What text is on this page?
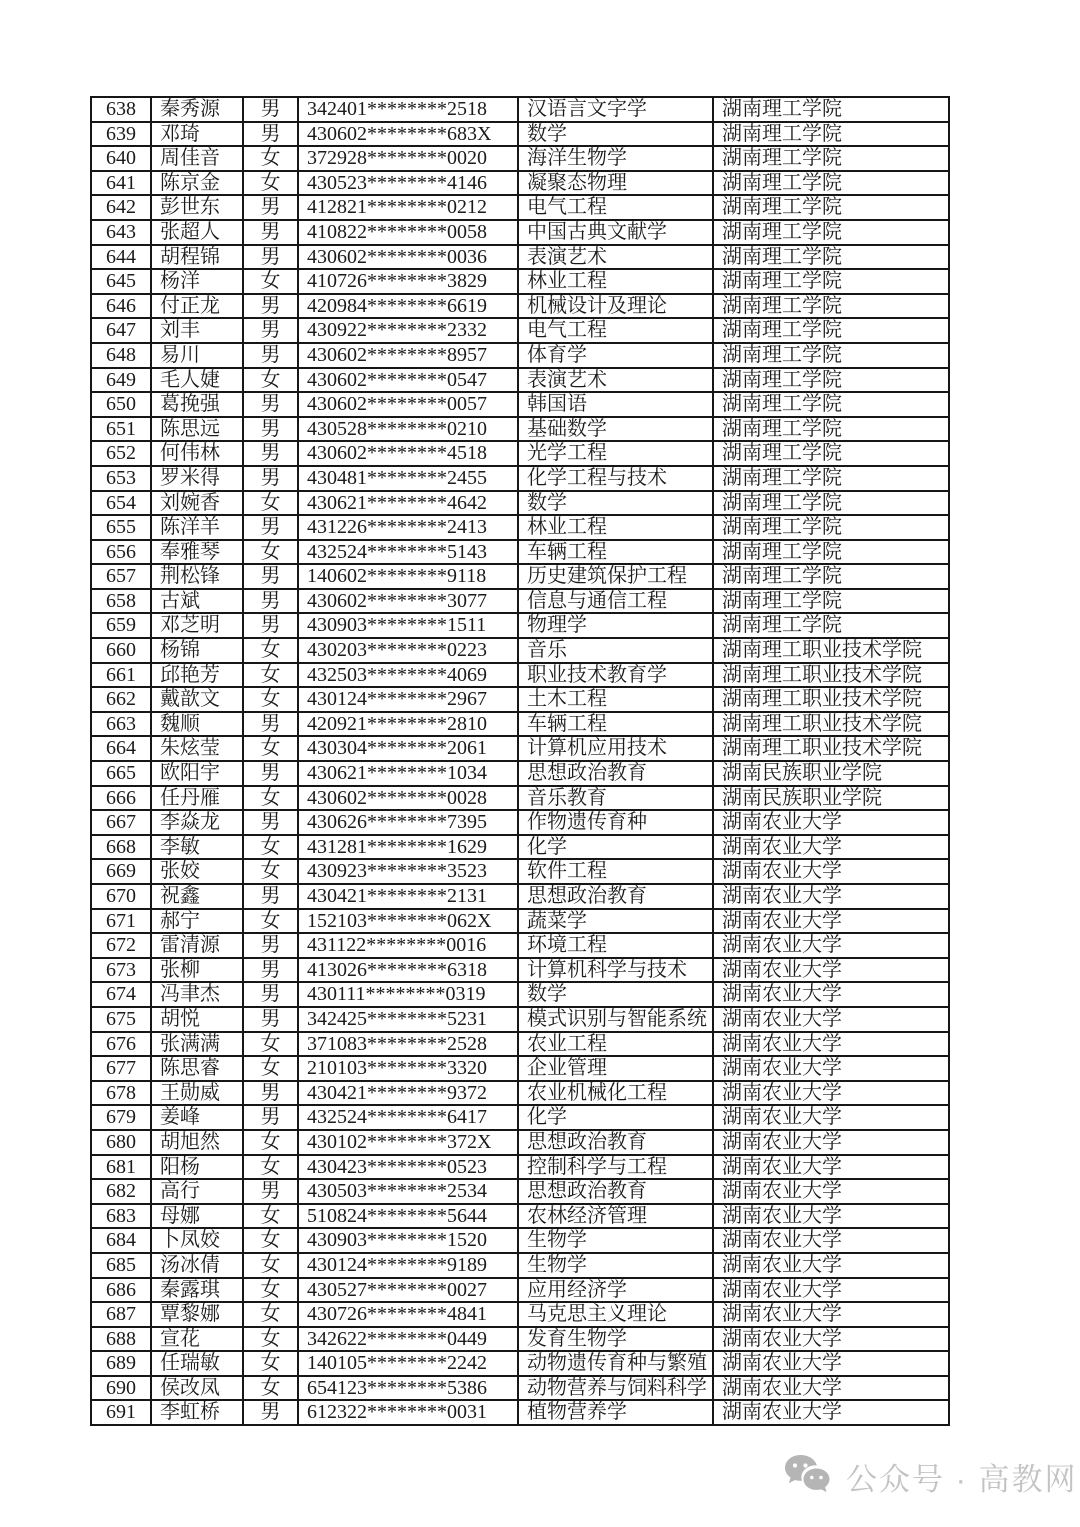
638	秦秀源	男	342401********2518	汉语言文字学	湖南理工学院
639	邓琦	男	430602********683X	数学	湖南理工学院
640	周佳音	女	372928********0020	海洋生物学	湖南理工学院
641	陈京金	女	430523********4146	凝聚态物理	湖南理工学院
642	彭世东	男	412821********0212	电气工程	湖南理工学院
643	张超人	男	410822********0058	中国古典文献学	湖南理工学院
644	胡程锦	男	430602********0036	表演艺术	湖南理工学院
645	杨洋	女	410726********3829	林业工程	湖南理工学院
646	付正龙	男	420984********6619	机械设计及理论	湖南理工学院
647	刘丰	男	430922********2332	电气工程	湖南理工学院
648	易川	男	430602********8957	体育学	湖南理工学院
649	毛人婕	女	430602********0547	表演艺术	湖南理工学院
650	葛挽强	男	430602********0057	韩国语	湖南理工学院
651	陈思远	男	430528********0210	基础数学	湖南理工学院
652	何伟林	男	430602********4518	光学工程	湖南理工学院
653	罗米得	男	430481********2455	化学工程与技术	湖南理工学院
654	刘婉香	女	430621********4642	数学	湖南理工学院
655	陈洋羊	男	431226********2413	林业工程	湖南理工学院
656	奉雅琴	女	432524********5143	车辆工程	湖南理工学院
657	荆松锋	男	140602********9118	历史建筑保护工程	湖南理工学院
658	古斌	男	430602********3077	信息与通信工程	湖南理工学院
659	邓芝明	男	430903********1511	物理学	湖南理工学院
660	杨锦	女	430203********0223	音乐	湖南理工职业技术学院
661	邱艳芳	女	432503********4069	职业技术教育学	湖南理工职业技术学院
662	戴歆文	女	430124********2967	土木工程	湖南理工职业技术学院
663	魏顺	男	420921********2810	车辆工程	湖南理工职业技术学院
664	朱炫莹	女	430304********2061	计算机应用技术	湖南理工职业技术学院
665	欧阳宇	男	430621********1034	思想政治教育	湖南民族职业学院
666	任丹雁	女	430602********0028	音乐教育	湖南民族职业学院
667	李焱龙	男	430626********7395	作物遗传育种	湖南农业大学
668	李敏	女	431281********1629	化学	湖南农业大学
669	张姣	女	430923********3523	软件工程	湖南农业大学
670	祝鑫	男	430421********2131	思想政治教育	湖南农业大学
671	郝宁	女	152103********062X	蔬菜学	湖南农业大学
672	雷清源	男	431122********0016	环境工程	湖南农业大学
673	张柳	男	413026********6318	计算机科学与技术	湖南农业大学
674	冯聿杰	男	430111********0319	数学	湖南农业大学
675	胡悦	男	342425********5231	模式识别与智能系统	湖南农业大学
676	张满满	女	371083********2528	农业工程	湖南农业大学
677	陈思睿	女	210103********3320	企业管理	湖南农业大学
678	王勋威	男	430421********9372	农业机械化工程	湖南农业大学
679	姜峰	男	432524********6417	化学	湖南农业大学
680	胡旭然	女	430102********372X	思想政治教育	湖南农业大学
681	阳杨	女	430423********0523	控制科学与工程	湖南农业大学
682	高行	男	430503********2534	思想政治教育	湖南农业大学
683	母娜	女	510824********5644	农林经济管理	湖南农业大学
684	卜凤姣	女	430903********1520	生物学	湖南农业大学
685	汤冰倩	女	430124********9189	生物学	湖南农业大学
686	秦露琪	女	430527********0027	应用经济学	湖南农业大学
687	覃黎娜	女	430726********4841	马克思主义理论	湖南农业大学
688	宣花	女	342622********0449	发育生物学	湖南农业大学
689	任瑞敏	女	140105********2242	动物遗传育种与繁殖	湖南农业大学
690	侯改凤	女	654123********5386	动物营养与饲料科学	湖南农业大学
691	李虹桥	男	612322********0031	植物营养学	湖南农业大学
公众号 · 高教网
